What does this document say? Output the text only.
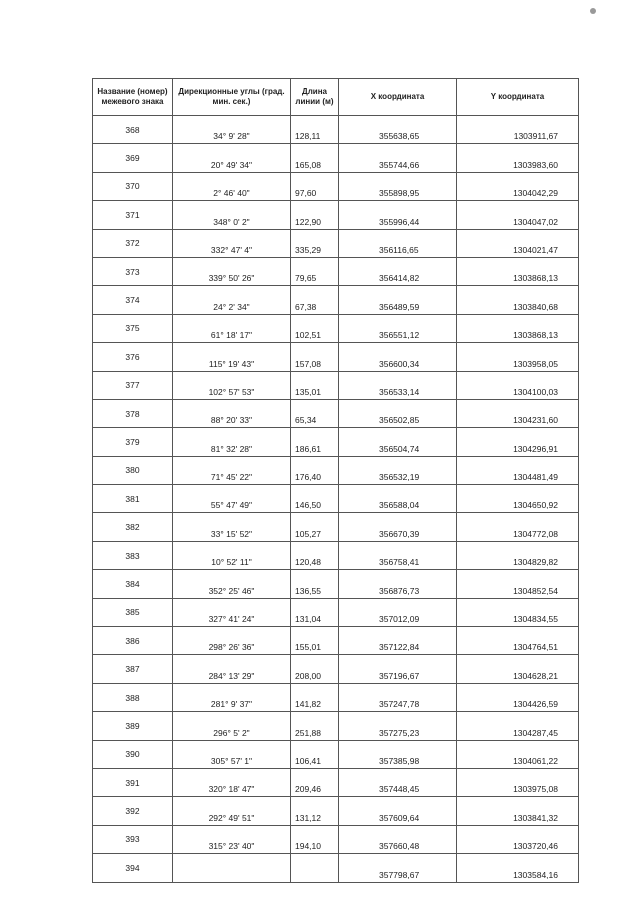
Название (номер) межевого знака	Дирекционные углы (град. мин. сек.)	Длина линии (м)	Х координата	Y координата
368	34° 9' 28"	128,11	355638,65	1303911,67

369	20° 49' 34"	165,08	355744,66	1303983,60

370	2° 46' 40"	97,60	355898,95	1304042,29

371	348° 0' 2"	122,90	355996,44	1304047,02

372	332° 47' 4"	335,29	356116,65	1304021,47

373	339° 50' 26"	79,65	356414,82	1303868,13

374	24° 2' 34"	67,38	356489,59	1303840,68

375	61° 18' 17"	102,51	356551,12	1303868,13

376	115° 19' 43"	157,08	356600,34	1303958,05

377	102° 57' 53"	135,01	356533,14	1304100,03

378	88° 20' 33"	65,34	356502,85	1304231,60

379	81° 32' 28"	186,61	356504,74	1304296,91

380	71° 45' 22"	176,40	356532,19	1304481,49

381	55° 47' 49"	146,50	356588,04	1304650,92

382	33° 15' 52"	105,27	356670,39	1304772,08

383	10° 52' 11"	120,48	356758,41	1304829,82

384	352° 25' 46"	136,55	356876,73	1304852,54

385	327° 41' 24"	131,04	357012,09	1304834,55

386	298° 26' 36"	155,01	357122,84	1304764,51

387	284° 13' 29"	208,00	357196,67	1304628,21

388	281° 9' 37"	141,82	357247,78	1304426,59

389	296° 5' 2"	251,88	357275,23	1304287,45

390	305° 57' 1"	106,41	357385,98	1304061,22

391	320° 18' 47"	209,46	357448,45	1303975,08

392	292° 49' 51"	131,12	357609,64	1303841,32

393	315° 23' 40"	194,10	357660,48	1303720,46

394			357798,67	1303584,16
